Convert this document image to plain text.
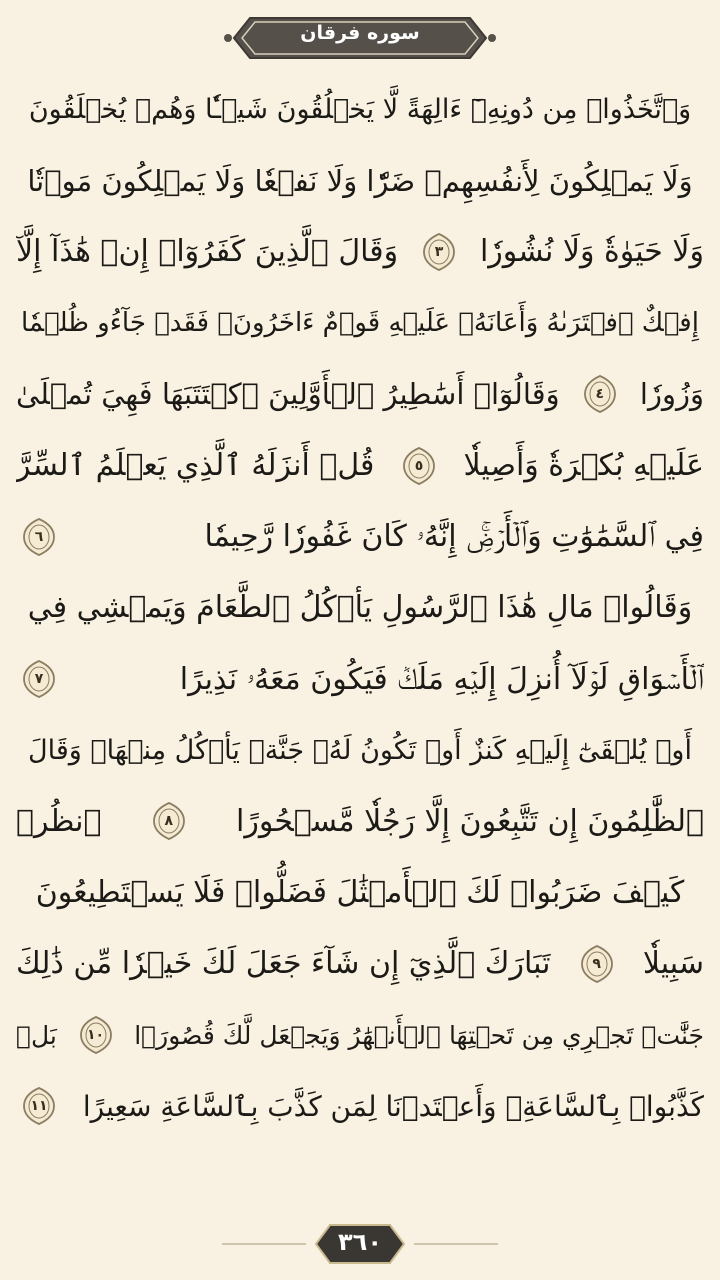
سوره فرقان
وَٱتَّخَذُوا۟ مِن دُونِهِۦٓ ءَالِهَةً لَّا يَخۡلُقُونَ شَيۡـٔٗا وَهُمۡ يُخۡلَقُونَ
وَلَا يَمۡلِكُونَ لِأَنفُسِهِمۡ ضَرّٗا وَلَا نَفۡعٗا وَلَا يَمۡلِكُونَ مَوۡتٗا
وَلَا حَيَوٰةٗ وَلَا نُشُورٗا
٣
وَقَالَ ٱلَّذِينَ كَفَرُوٓا۟ إِنۡ هَٰذَآ إِلَّآ
إِفۡكٌ ٱفۡتَرَىٰهُ وَأَعَانَهُۥ عَلَيۡهِ قَوۡمٌ ءَاخَرُونَۖ فَقَدۡ جَآءُو ظُلۡمٗا
وَزُورٗا
٤
وَقَالُوٓا۟ أَسَٰطِيرُ ٱلۡأَوَّلِينَ ٱكۡتَتَبَهَا فَهِيَ تُمۡلَىٰ
عَلَيۡهِ بُكۡرَةٗ وَأَصِيلٗا
٥
قُلۡ أَنزَلَهُ ٱلَّذِي يَعۡلَمُ ٱلسِّرَّ
فِي ٱلسَّمَٰوَٰتِ وَٱلۡأَرۡضِۚ إِنَّهُۥ كَانَ غَفُورٗا رَّحِيمٗا
٦
وَقَالُوا۟ مَالِ هَٰذَا ٱلرَّسُولِ يَأۡكُلُ ٱلطَّعَامَ وَيَمۡشِي فِي
ٱلۡأَسۡوَاقِ لَوۡلَآ أُنزِلَ إِلَيۡهِ مَلَكٞ فَيَكُونَ مَعَهُۥ نَذِيرًا
٧
أَوۡ يُلۡقَىٰٓ إِلَيۡهِ كَنزٌ أَوۡ تَكُونُ لَهُۥ جَنَّةٞ يَأۡكُلُ مِنۡهَاۚ وَقَالَ
ٱلظَّٰلِمُونَ إِن تَتَّبِعُونَ إِلَّا رَجُلٗا مَّسۡحُورًا
٨
ٱنظُرۡ
كَيۡفَ ضَرَبُوا۟ لَكَ ٱلۡأَمۡثَٰلَ فَضَلُّوا۟ فَلَا يَسۡتَطِيعُونَ
سَبِيلٗا
٩
تَبَارَكَ ٱلَّذِيٓ إِن شَآءَ جَعَلَ لَكَ خَيۡرٗا مِّن ذَٰلِكَ
جَنَّٰتٖ تَجۡرِي مِن تَحۡتِهَا ٱلۡأَنۡهَٰرُ وَيَجۡعَل لَّكَ قُصُورَۢا
١٠
بَلۡ
كَذَّبُوا۟ بِٱلسَّاعَةِۖ وَأَعۡتَدۡنَا لِمَن كَذَّبَ بِٱلسَّاعَةِ سَعِيرًا
١١
٣٦٠
